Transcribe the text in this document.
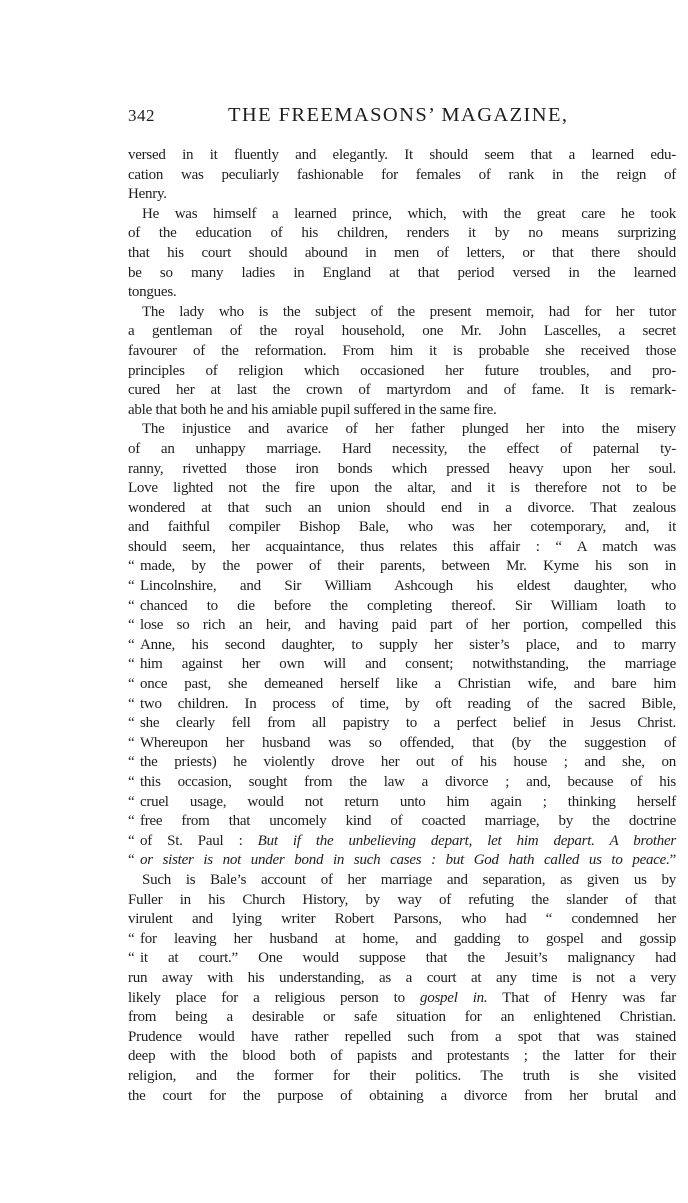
342	THE FREEMASONS’ MAGAZINE,
versed in it fluently and elegantly. It should seem that a learned edu-
cation was peculiarly fashionable for females of rank in the reign of
Henry.
He was himself a learned prince, which, with the great care he took
of the education of his children, renders it by no means surprizing
that his court should abound in men of letters, or that there should
be so many ladies in England at that period versed in the learned
tongues.
The lady who is the subject of the present memoir, had for her tutor
a gentleman of the royal household, one Mr. John Lascelles, a secret
favourer of the reformation. From him it is probable she received those
principles of religion which occasioned her future troubles, and pro-
cured her at last the crown of martyrdom and of fame. It is remark-
able that both he and his amiable pupil suffered in the same fire.
The injustice and avarice of her father plunged her into the misery
of an unhappy marriage. Hard necessity, the effect of paternal ty-
ranny, rivetted those iron bonds which pressed heavy upon her soul.
Love lighted not the fire upon the altar, and it is therefore not to be
wondered at that such an union should end in a divorce. That zealous
and faithful compiler Bishop Bale, who was her cotemporary, and, it
should seem, her acquaintance, thus relates this affair : “ A match was
“ made, by the power of their parents, between Mr. Kyme his son in
“ Lincolnshire, and Sir William Ashcough his eldest daughter, who
“ chanced to die before the completing thereof. Sir William loath to
“ lose so rich an heir, and having paid part of her portion, compelled this
“ Anne, his second daughter, to supply her sister’s place, and to marry
“ him against her own will and consent; notwithstanding, the marriage
“ once past, she demeaned herself like a Christian wife, and bare him
“ two children. In process of time, by oft reading of the sacred Bible,
“ she clearly fell from all papistry to a perfect belief in Jesus Christ.
“ Whereupon her husband was so offended, that (by the suggestion of
“ the priests) he violently drove her out of his house ; and she, on
“ this occasion, sought from the law a divorce ; and, because of his
“ cruel usage, would not return unto him again ; thinking herself
“ free from that uncomely kind of coacted marriage, by the doctrine
“ of St. Paul : But if the unbelieving depart, let him depart. A brother
“ or sister is not under bond in such cases : but God hath called us to peace.”
Such is Bale’s account of her marriage and separation, as given us by
Fuller in his Church History, by way of refuting the slander of that
virulent and lying writer Robert Parsons, who had “ condemned her
“ for leaving her husband at home, and gadding to gospel and gossip
“ it at court.” One would suppose that the Jesuit’s malignancy had
run away with his understanding, as a court at any time is not a very
likely place for a religious person to gospel in. That of Henry was far
from being a desirable or safe situation for an enlightened Christian.
Prudence would have rather repelled such from a spot that was stained
deep with the blood both of papists and protestants ; the latter for their
religion, and the former for their politics. The truth is she visited
the court for the purpose of obtaining a divorce from her brutal and
